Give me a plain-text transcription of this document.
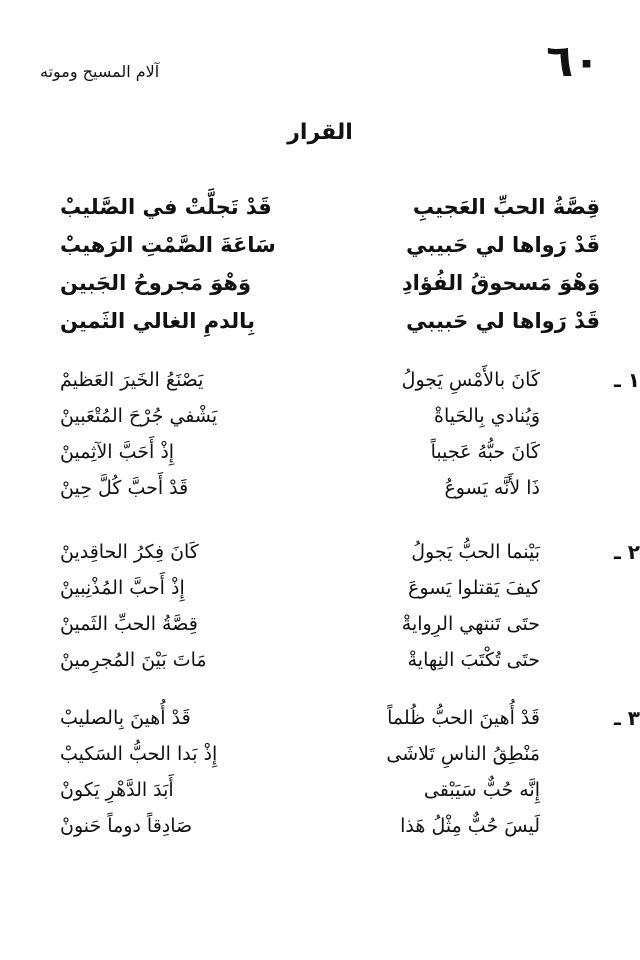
٦٠
آلام المسيح وموته
القرار
قِصَّةُ الحبِّ العَجيبِ
قَدْ تَجلَّتْ في الصَّليبْ
قَدْ رَواها لي حَبيبي
سَاعَةَ الصَّمْتِ الرَهيبْ
وَهْوَ مَسحوقُ الفُؤادِ
وَهْوَ مَجروحُ الجَبين
قَدْ رَواها لي حَبيبي
بِالدمِ الغالي الثَمين
١ ـ
كَانَ بالأَمْسِ يَجولُ
يَصْنَعُ الخَيرَ العَظيمْ
وَيُنادي بِالحَياةْ
يَشْفي جُرْحَ المُتْعَبينْ
كَانَ حبُّهُ عَجيباً
إِذْ أَحَبَّ الآثِمينْ
ذَا لأَنَّه يَسوعُ
قَدْ أَحبَّ كُلَّ حِينْ
٢ ـ
بَيْنما الحبُّ يَجولُ
كَانَ فِكرُ الحاقِدينْ
كيفَ يَقتلوا يَسوعَ
إِذْ أَحبَّ المُذْنِبينْ
حتَى تَنتهي الرِوايةْ
قِصَّةُ الحبِّ الثَمينْ
حتَى تُكْتَبَ النِهايةْ
مَاتَ بَيْنَ المُجرِمينْ
٣ ـ
قَدْ أُهينَ الحبُّ ظُلماً
قَدْ أُهينَ بِالصليبْ
مَنْطِقُ الناسِ تَلاشَى
إِذْ بَدا الحبُّ السَكيبْ
إِنَّه حُبٌّ سَيَبْقى
أَبَدَ الدَّهْرِ يَكونْ
لَيسَ حُبٌّ مِثْلُ هَذا
صَادِقاً دوماً حَنونْ
